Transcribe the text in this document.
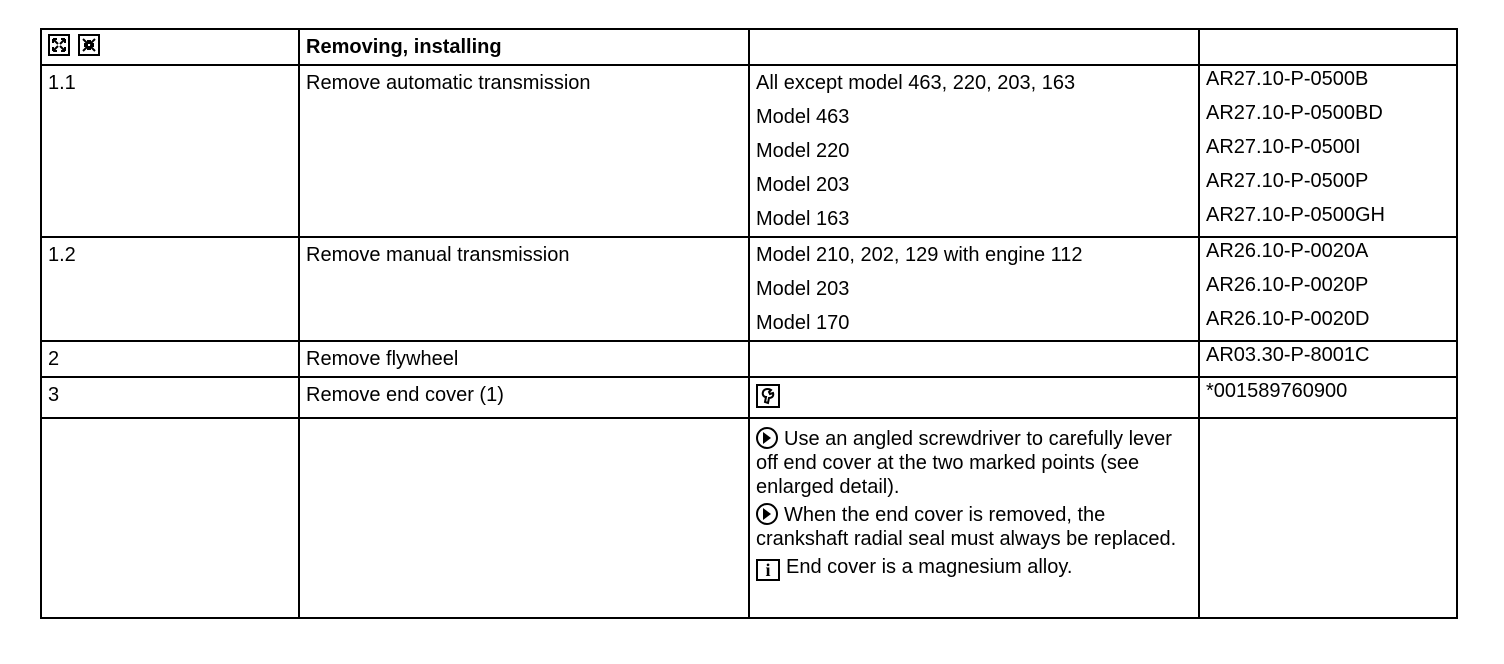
	Removing, installing		
1.1	Remove automatic transmission	All except model 463, 220, 203, 163
Model 463
Model 220
Model 203
Model 163	AR27.10-P-0500B
AR27.10-P-0500BD
AR27.10-P-0500I
AR27.10-P-0500P
AR27.10-P-0500GH

1.2	Remove manual transmission	Model 210, 202, 129 with engine 112
Model 203
Model 170	AR26.10-P-0020A
AR26.10-P-0020P
AR26.10-P-0020D

2	Remove flywheel		AR03.30-P-8001C

3	Remove end cover (1)		*001589760900

		Use an angled screwdriver to carefully lever off end cover at the two marked points (see enlarged detail).

When the end cover is removed, the crankshaft radial seal must always be replaced.

i End cover is a magnesium alloy.	
